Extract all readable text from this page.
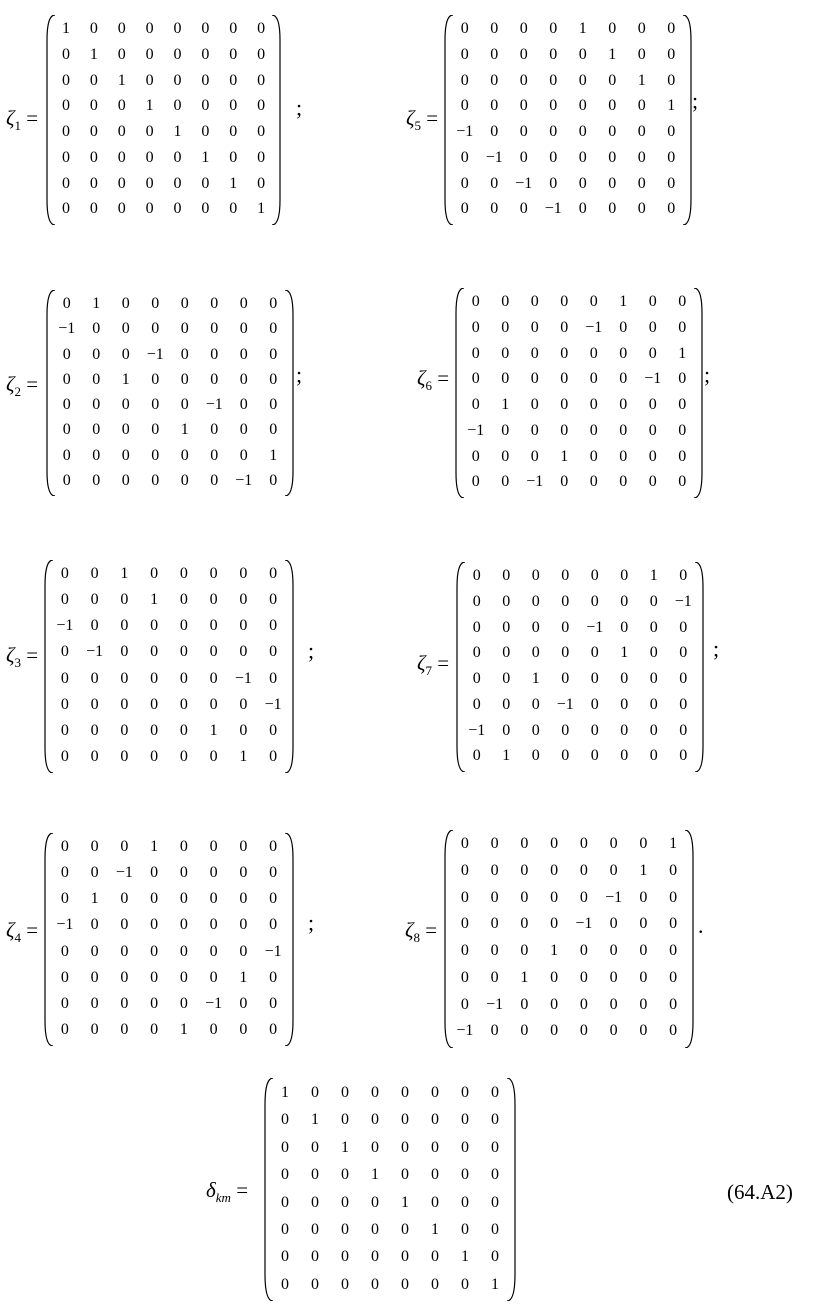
$\zeta_1$ =
1	0	0	0	0	0	0	0
0	1	0	0	0	0	0	0
0	0	1	0	0	0	0	0
0	0	0	1	0	0	0	0
0	0	0	0	1	0	0	0
0	0	0	0	0	1	0	0
0	0	0	0	0	0	1	0
0	0	0	0	0	0	0	1
;	$\zeta_5$ =
0	0	0	0	1	0	0	0
0	0	0	0	0	1	0	0
0	0	0	0	0	0	1	0
0	0	0	0	0	0	0	1
−1	0	0	0	0	0	0	0
0	−1	0	0	0	0	0	0
0	0	−1	0	0	0	0	0
0	0	0	−1	0	0	0	0
;
$\zeta_2$ =
0	1	0	0	0	0	0	0
−1	0	0	0	0	0	0	0
0	0	0	−1	0	0	0	0
0	0	1	0	0	0	0	0
0	0	0	0	0	−1	0	0
0	0	0	0	1	0	0	0
0	0	0	0	0	0	0	1
0	0	0	0	0	0	−1	0
;	$\zeta_6$ =
0	0	0	0	0	1	0	0
0	0	0	0	−1	0	0	0
0	0	0	0	0	0	0	1
0	0	0	0	0	0	−1	0
0	1	0	0	0	0	0	0
−1	0	0	0	0	0	0	0
0	0	0	1	0	0	0	0
0	0	−1	0	0	0	0	0
;
$\zeta_3$ =
0	0	1	0	0	0	0	0
0	0	0	1	0	0	0	0
−1	0	0	0	0	0	0	0
0	−1	0	0	0	0	0	0
0	0	0	0	0	0	−1	0
0	0	0	0	0	0	0	−1
0	0	0	0	0	1	0	0
0	0	0	0	0	0	1	0
;	$\zeta_7$ =
0	0	0	0	0	0	1	0
0	0	0	0	0	0	0	−1
0	0	0	0	−1	0	0	0
0	0	0	0	0	1	0	0
0	0	1	0	0	0	0	0
0	0	0	−1	0	0	0	0
−1	0	0	0	0	0	0	0
0	1	0	0	0	0	0	0
;
$\zeta_4$ =
0	0	0	1	0	0	0	0
0	0	−1	0	0	0	0	0
0	1	0	0	0	0	0	0
−1	0	0	0	0	0	0	0
0	0	0	0	0	0	0	−1
0	0	0	0	0	0	1	0
0	0	0	0	0	−1	0	0
0	0	0	0	1	0	0	0
;	$\zeta_8$ =
0	0	0	0	0	0	0	1
0	0	0	0	0	0	1	0
0	0	0	0	0	−1	0	0
0	0	0	0	−1	0	0	0
0	0	0	1	0	0	0	0
0	0	1	0	0	0	0	0
0	−1	0	0	0	0	0	0
−1	0	0	0	0	0	0	0
.
$\delta_{km}$ =
1	0	0	0	0	0	0	0
0	1	0	0	0	0	0	0
0	0	1	0	0	0	0	0
0	0	0	1	0	0	0	0
0	0	0	0	1	0	0	0
0	0	0	0	0	1	0	0
0	0	0	0	0	0	1	0
0	0	0	0	0	0	0	1
(64.A2)
